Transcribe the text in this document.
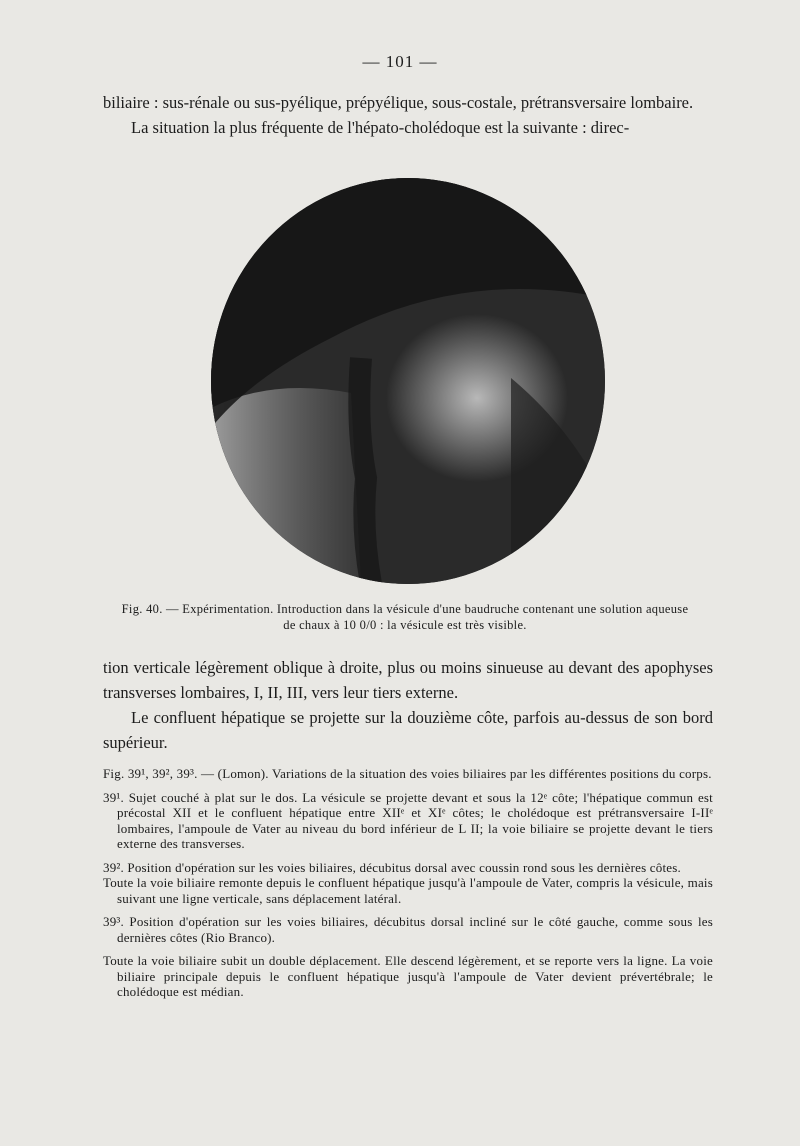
— 101 —

biliaire : sus-rénale ou sus-pyélique, prépyélique, sous-costale, prétransversaire lombaire.

La situation la plus fréquente de l'hépato-cholédoque est la suivante : direc-

Fig. 40. — Expérimentation. Introduction dans la vésicule d'une baudruche contenant une solution aqueuse de chaux à 10 0/0 : la vésicule est très visible.

tion verticale légèrement oblique à droite, plus ou moins sinueuse au devant des apophyses transverses lombaires, I, II, III, vers leur tiers externe.

Le confluent hépatique se projette sur la douzième côte, parfois au-dessus de son bord supérieur.

Fig. 39¹, 39², 39³. — (Lomon). Variations de la situation des voies biliaires par les différentes positions du corps.

39¹. Sujet couché à plat sur le dos. La vésicule se projette devant et sous la 12ᵉ côte; l'hépatique commun est précostal XII et le confluent hépatique entre XIIᵉ et XIᵉ côtes; le cholédoque est prétransversaire I-IIᵉ lombaires, l'ampoule de Vater au niveau du bord inférieur de L II; la voie biliaire se projette devant le tiers externe des transverses.

39². Position d'opération sur les voies biliaires, décubitus dorsal avec coussin rond sous les dernières côtes.

Toute la voie biliaire remonte depuis le confluent hépatique jusqu'à l'ampoule de Vater, compris la vésicule, mais suivant une ligne verticale, sans déplacement latéral.

39³. Position d'opération sur les voies biliaires, décubitus dorsal incliné sur le côté gauche, comme sous les dernières côtes (Rio Branco).

Toute la voie biliaire subit un double déplacement. Elle descend légèrement, et se reporte vers la ligne. La voie biliaire principale depuis le confluent hépatique jusqu'à l'ampoule de Vater devient prévertébrale; le cholédoque est médian.
